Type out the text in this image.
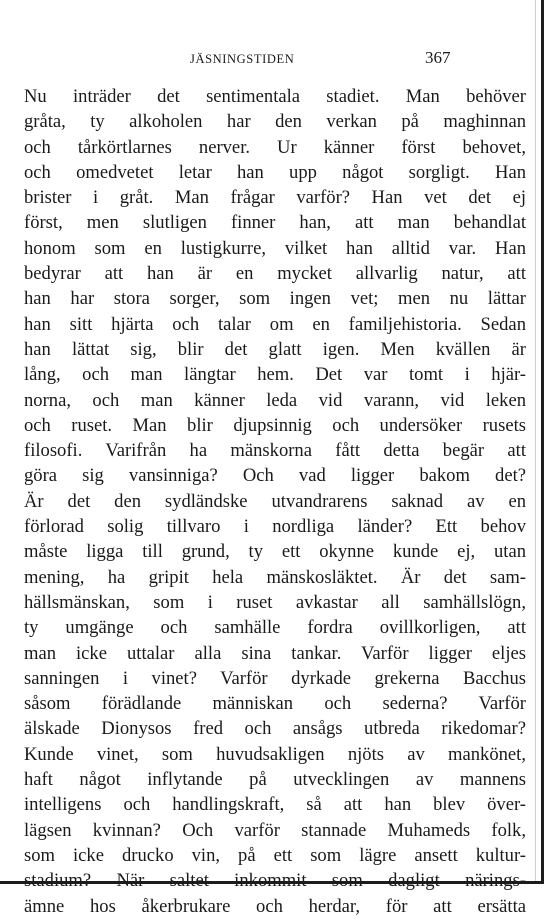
JÄSNINGSTIDEN	367
Nu inträder det sentimentala stadiet. Man behöver
gråta, ty alkoholen har den verkan på maghinnan
och tårkörtlarnes nerver. Ur känner först behovet,
och omedvetet letar han upp något sorgligt. Han
brister i gråt. Man frågar varför? Han vet det ej
först, men slutligen finner han, att man behandlat
honom som en lustigkurre, vilket han alltid var. Han
bedyrar att han är en mycket allvarlig natur, att
han har stora sorger, som ingen vet; men nu lättar
han sitt hjärta och talar om en familjehistoria. Sedan
han lättat sig, blir det glatt igen. Men kvällen är
lång, och man längtar hem. Det var tomt i hjär-
norna, och man känner leda vid varann, vid leken
och ruset. Man blir djupsinnig och undersöker rusets
filosofi. Varifrån ha mänskorna fått detta begär att
göra sig vansinniga? Och vad ligger bakom det?
Är det den sydländske utvandrarens saknad av en
förlorad solig tillvaro i nordliga länder? Ett behov
måste ligga till grund, ty ett okynne kunde ej, utan
mening, ha gripit hela mänskosläktet. Är det sam-
hällsmänskan, som i ruset avkastar all samhällslögn,
ty umgänge och samhälle fordra ovillkorligen, att
man icke uttalar alla sina tankar. Varför ligger eljes
sanningen i vinet? Varför dyrkade grekerna Bacchus
såsom förädlande människan och sederna? Varför
älskade Dionysos fred och ansågs utbreda rikedomar?
Kunde vinet, som huvudsakligen njöts av mankönet,
haft något inflytande på utvecklingen av mannens
intelligens och handlingskraft, så att han blev över-
lägsen kvinnan? Och varför stannade Muhameds folk,
som icke drucko vin, på ett som lägre ansett kultur-
stadium? När saltet inkommit som dagligt närings-
ämne hos åkerbrukare och herdar, för att ersätta
